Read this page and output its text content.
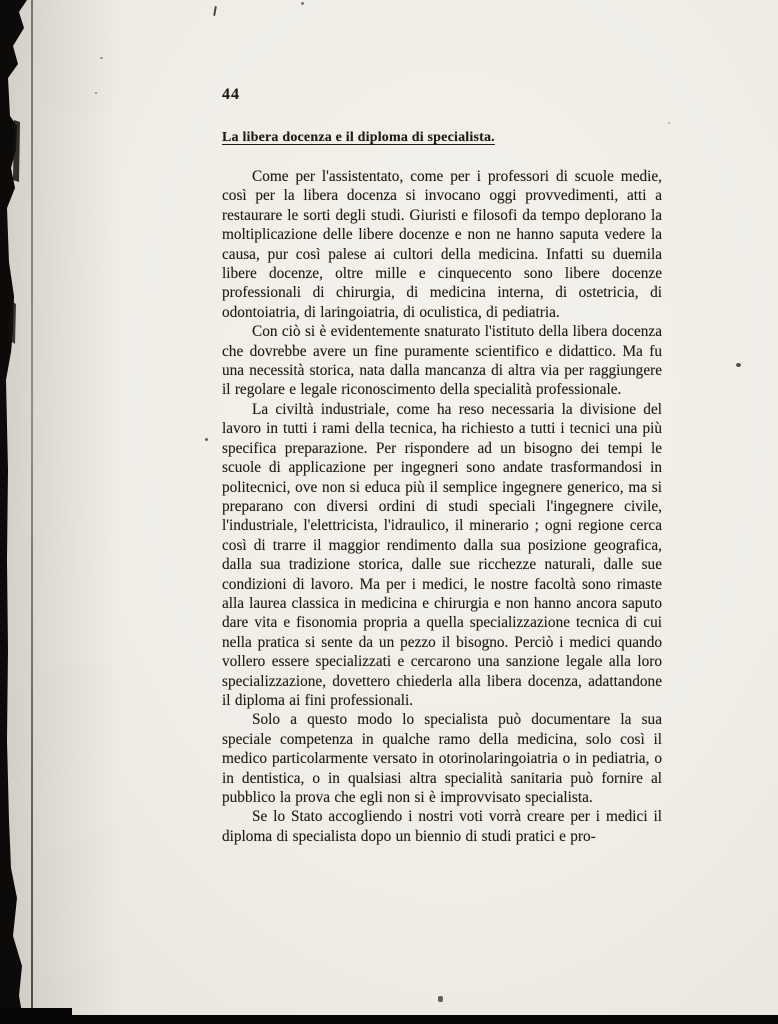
44
La libera docenza e il diploma di specialista.

Come per l'assistentato, come per i professori di scuole medie, così per la libera docenza si invocano oggi provvedimenti, atti a restaurare le sorti degli studi. Giuristi e filosofi da tempo deplorano la moltiplicazione delle libere docenze e non ne hanno saputa vedere la causa, pur così palese ai cultori della medicina. Infatti su duemila libere docenze, oltre mille e cinquecento sono libere docenze professionali di chirurgia, di medicina interna, di ostetricia, di odontoiatria, di laringoiatria, di oculistica, di pediatria.

Con ciò si è evidentemente snaturato l'istituto della libera docenza che dovrebbe avere un fine puramente scientifico e didattico. Ma fu una necessità storica, nata dalla mancanza di altra via per raggiungere il regolare e legale riconoscimento della specialità professionale.

La civiltà industriale, come ha reso necessaria la divisione del lavoro in tutti i rami della tecnica, ha richiesto a tutti i tecnici una più specifica preparazione. Per rispondere ad un bisogno dei tempi le scuole di applicazione per ingegneri sono andate trasformandosi in politecnici, ove non si educa più il semplice ingegnere generico, ma si preparano con diversi ordini di studi speciali l'ingegnere civile, l'industriale, l'elettricista, l'idraulico, il minerario ; ogni regione cerca così di trarre il maggior rendimento dalla sua posizione geografica, dalla sua tradizione storica, dalle sue ricchezze naturali, dalle sue condizioni di lavoro. Ma per i medici, le nostre facoltà sono rimaste alla laurea classica in medicina e chirurgia e non hanno ancora saputo dare vita e fisonomia propria a quella specializzazione tecnica di cui nella pratica si sente da un pezzo il bisogno. Perciò i medici quando vollero essere specializzati e cercarono una sanzione legale alla loro specializzazione, dovettero chiederla alla libera docenza, adattandone il diploma ai fini professionali.

Solo a questo modo lo specialista può documentare la sua speciale competenza in qualche ramo della medicina, solo così il medico particolarmente versato in otorinolaringoiatria o in pediatria, o in dentistica, o in qualsiasi altra specialità sanitaria può fornire al pubblico la prova che egli non si è improvvisato specialista.

Se lo Stato accogliendo i nostri voti vorrà creare per i medici il diploma di specialista dopo un biennio di studi pratici e pro-
